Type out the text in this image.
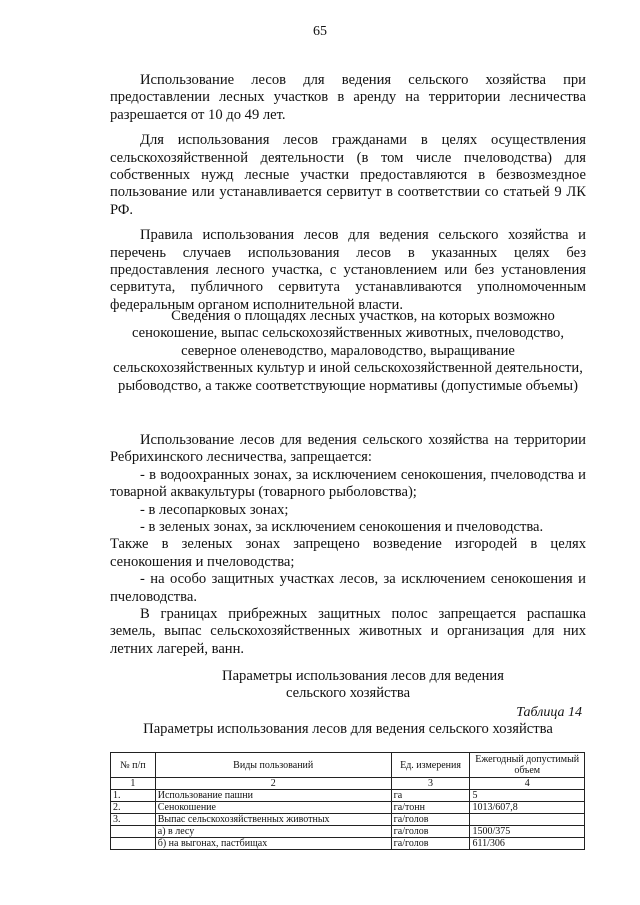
65

Использование лесов для ведения сельского хозяйства при предоставлении лесных участков в аренду на территории лесничества разрешается от 10 до 49 лет.

Для использования лесов гражданами в целях осуществления сельскохозяйственной деятельности (в том числе пчеловодства) для собственных нужд лесные участки предоставляются в безвозмездное пользование или устанавливается сервитут в соответствии со статьей 9 ЛК РФ.

Правила использования лесов для ведения сельского хозяйства и перечень случаев использования лесов в указанных целях без предоставления лесного участка, с установлением или без установления сервитута, публичного сервитута устанавливаются уполномоченным федеральным органом исполнительной власти.

Сведения о площадях лесных участков, на которых возможно сенокошение, выпас сельскохозяйственных животных, пчеловодство, северное оленеводство, мараловодство, выращивание сельскохозяйственных культур и иной сельскохозяйственной деятельности, рыбоводство, а также соответствующие нормативы (допустимые объемы)

Использование лесов для ведения сельского хозяйства на территории Ребрихинского лесничества, запрещается:

- в водоохранных зонах, за исключением сенокошения, пчеловодства и товарной аквакультуры (товарного рыболовства);

- в лесопарковых зонах;

- в зеленых зонах, за исключением сенокошения и пчеловодства.

Также в зеленых зонах запрещено возведение изгородей в целях сенокошения и пчеловодства;

- на особо защитных участках лесов, за исключением сенокошения и пчеловодства.

В границах прибрежных защитных полос запрещается распашка земель, выпас сельскохозяйственных животных и организация для них летних лагерей, ванн.

Параметры использования лесов для ведения сельского хозяйства

Таблица 14
Параметры использования лесов для ведения сельского хозяйства
№ п/п	Виды пользований	Ед. измерения	Ежегодный допустимый объем
1	2	3	4
1.	Использование пашни	га	5
2.	Сенокошение	га/тонн	1013/607,8
3.	Выпас сельскохозяйственных животных	га/голов	
	а) в лесу	га/голов	1500/375
	б) на выгонах, пастбищах	га/голов	611/306
